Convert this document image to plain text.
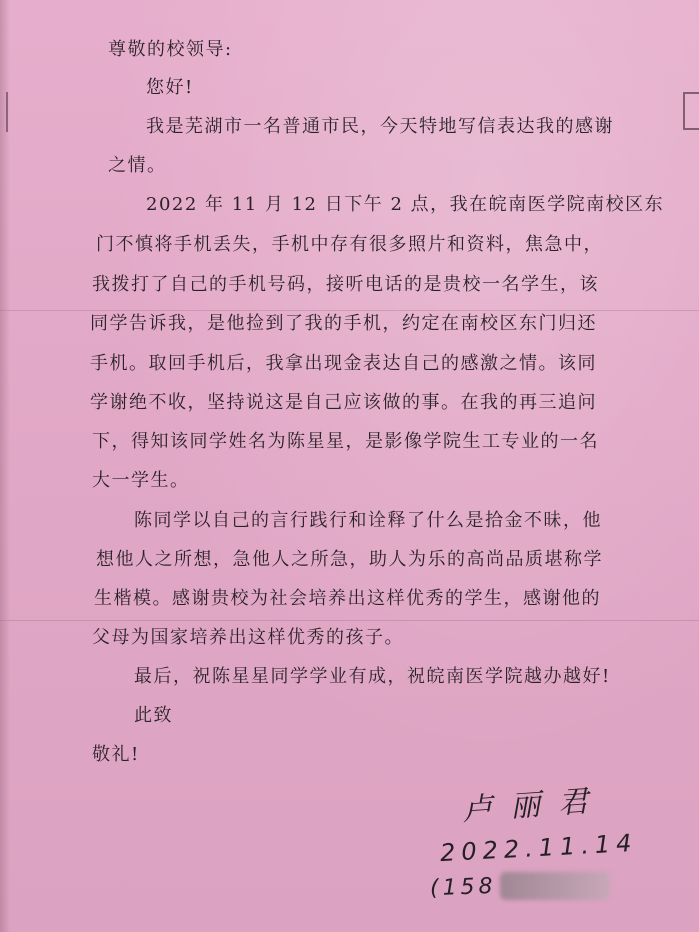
尊敬的校领导:
您好!
我是芜湖市一名普通市民，今天特地写信表达我的感谢
之情。
2022 年 11 月 12 日下午 2 点，我在皖南医学院南校区东
门不慎将手机丢失，手机中存有很多照片和资料，焦急中，
我拨打了自己的手机号码，接听电话的是贵校一名学生，该
同学告诉我，是他捡到了我的手机，约定在南校区东门归还
手机。取回手机后，我拿出现金表达自己的感激之情。该同
学谢绝不收，坚持说这是自己应该做的事。在我的再三追问
下，得知该同学姓名为陈星星，是影像学院生工专业的一名
大一学生。
陈同学以自己的言行践行和诠释了什么是拾金不昧，他
想他人之所想，急他人之所急，助人为乐的高尚品质堪称学
生楷模。感谢贵校为社会培养出这样优秀的学生，感谢他的
父母为国家培养出这样优秀的孩子。
最后，祝陈星星同学学业有成，祝皖南医学院越办越好!
此致
敬礼!
卢丽君
2022.11.14
(158
